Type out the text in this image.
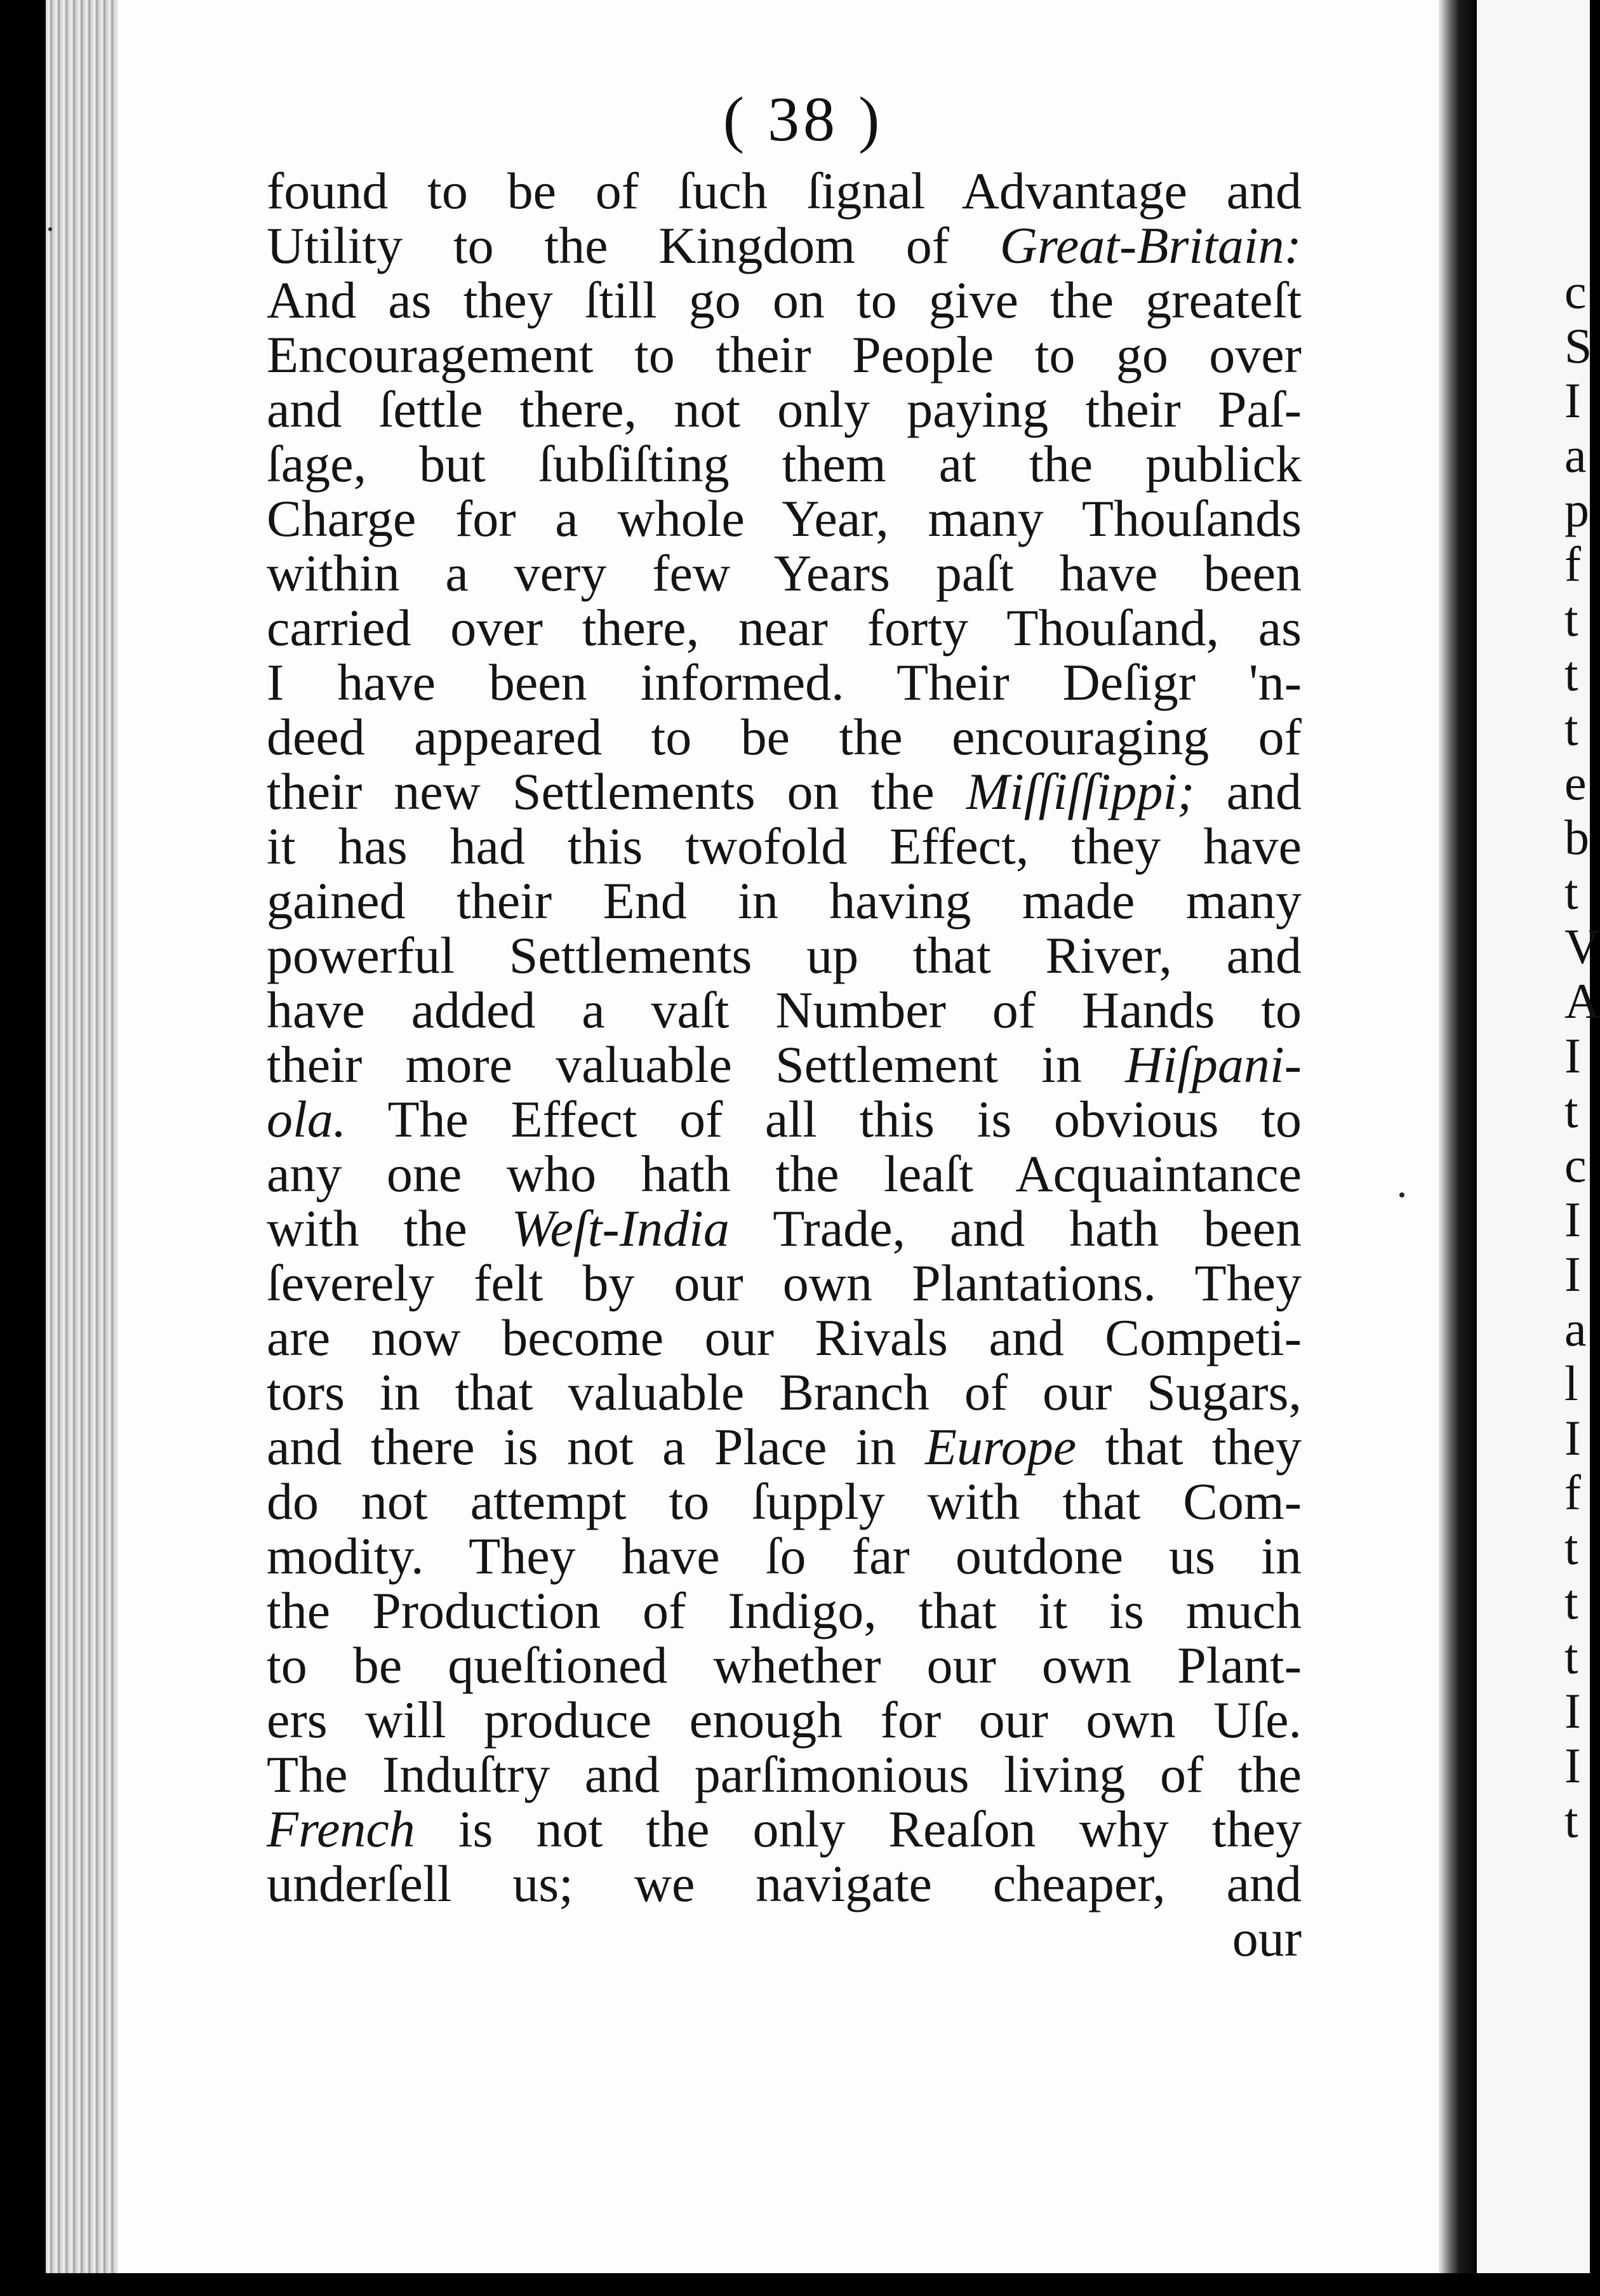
c
S
I
a
p
f
t
t
t
e
b
t
V
A
I
t
c
I
I
a
l
I
f
t
t
t
I
I
t
( 38 )
found to be of ſuch ſignal Advantage and
Utility to the Kingdom of Great-Britain:
And as they ſtill go on to give the greateſt
Encouragement to their People to go over
and ſettle there, not only paying their Paſ-
ſage, but ſubſiſting them at the publick
Charge for a whole Year, many Thouſands
within a very few Years paſt have been
carried over there, near forty Thouſand, as
I have been informed. Their Deſigr 'n-
deed appeared to be the encouraging of
their new Settlements on the Miſſiſſippi; and
it has had this twofold Effect, they have
gained their End in having made many
powerful Settlements up that River, and
have added a vaſt Number of Hands to
their more valuable Settlement in Hiſpani-
ola. The Effect of all this is obvious to
any one who hath the leaſt Acquaintance
with the Weſt-India Trade, and hath been
ſeverely felt by our own Plantations. They
are now become our Rivals and Competi-
tors in that valuable Branch of our Sugars,
and there is not a Place in Europe that they
do not attempt to ſupply with that Com-
modity. They have ſo far outdone us in
the Production of Indigo, that it is much
to be queſtioned whether our own Plant-
ers will produce enough for our own Uſe.
The Induſtry and parſimonious living of the
French is not the only Reaſon why they
underſell us; we navigate cheaper, and
our
